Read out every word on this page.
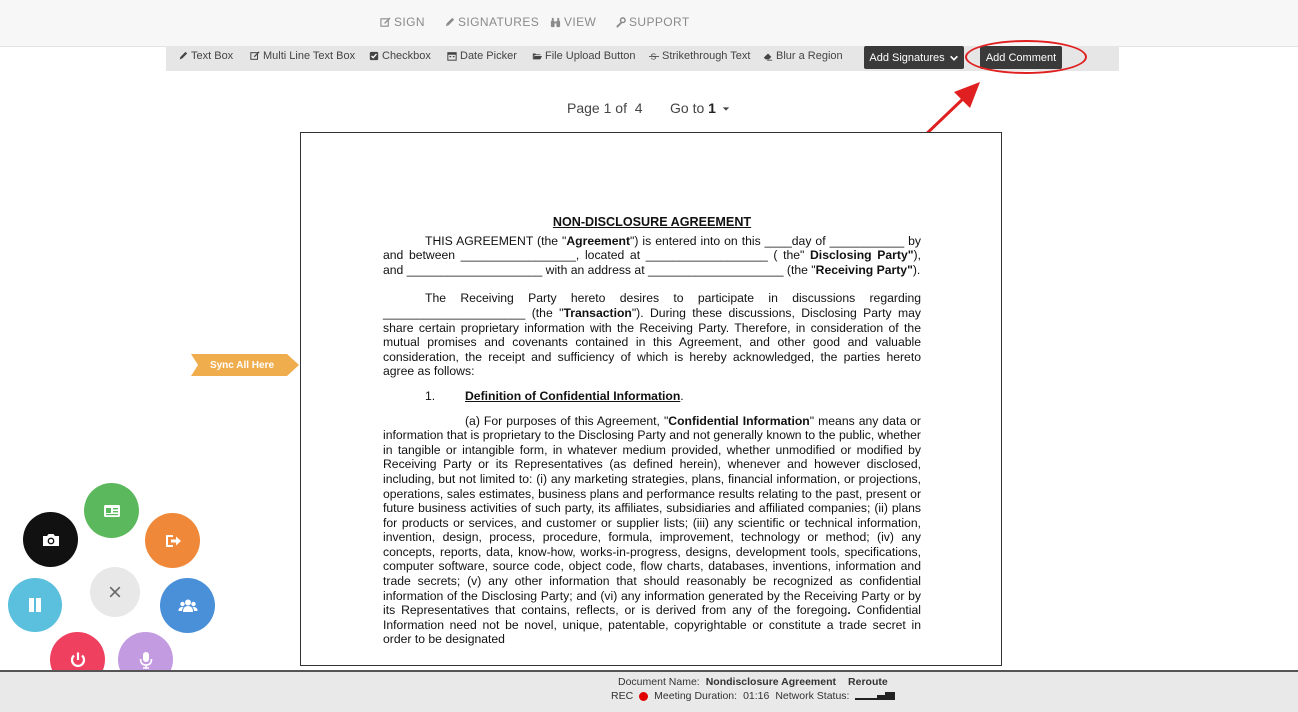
SIGN	SIGNATURES VIEW	SUPPORT
Text Box	Multi Line Text Box Checkbox	Date Picker	File Upload Button S Strikethrough Text Blur a Region Add Signatures	Add Comment
Page 1 of 4 Go to 1

NON-DISCLOSURE AGREEMENT

THIS AGREEMENT (the "Agreement") is entered into on this ____day of ___________ by and between _________________, located at __________________ ( the" Disclosing Party"), and ____________________ with an address at ____________________ (the "Receiving Party").

The Receiving Party hereto desires to participate in discussions regarding _____________________ (the "Transaction"). During these discussions, Disclosing Party may share certain proprietary information with the Receiving Party. Therefore, in consideration of the mutual promises and covenants contained in this Agreement, and other good and valuable consideration, the receipt and sufficiency of which is hereby acknowledged, the parties hereto agree as follows:

1. Definition of Confidential Information.

(a) For purposes of this Agreement, "Confidential Information" means any data or information that is proprietary to the Disclosing Party and not generally known to the public, whether in tangible or intangible form, in whatever medium provided, whether unmodified or modified by Receiving Party or its Representatives (as defined herein), whenever and however disclosed, including, but not limited to: (i) any marketing strategies, plans, financial information, or projections, operations, sales estimates, business plans and performance results relating to the past, present or future business activities of such party, its affiliates, subsidiaries and affiliated companies; (ii) plans for products or services, and customer or supplier lists; (iii) any scientific or technical information, invention, design, process, procedure, formula, improvement, technology or method; (iv) any concepts, reports, data, know-how, works-in-progress, designs, development tools, specifications, computer software, source code, object code, flow charts, databases, inventions, information and trade secrets; (v) any other information that should reasonably be recognized as confidential information of the Disclosing Party; and (vi) any information generated by the Receiving Party or by its Representatives that contains, reflects, or is derived from any of the foregoing. Confidential Information need not be novel, unique, patentable, copyrightable or constitute a trade secret in order to be designated

Sync All Here
Document Name: Nondisclosure Agreement Reroute
REC Meeting Duration: 01:16 Network Status:
